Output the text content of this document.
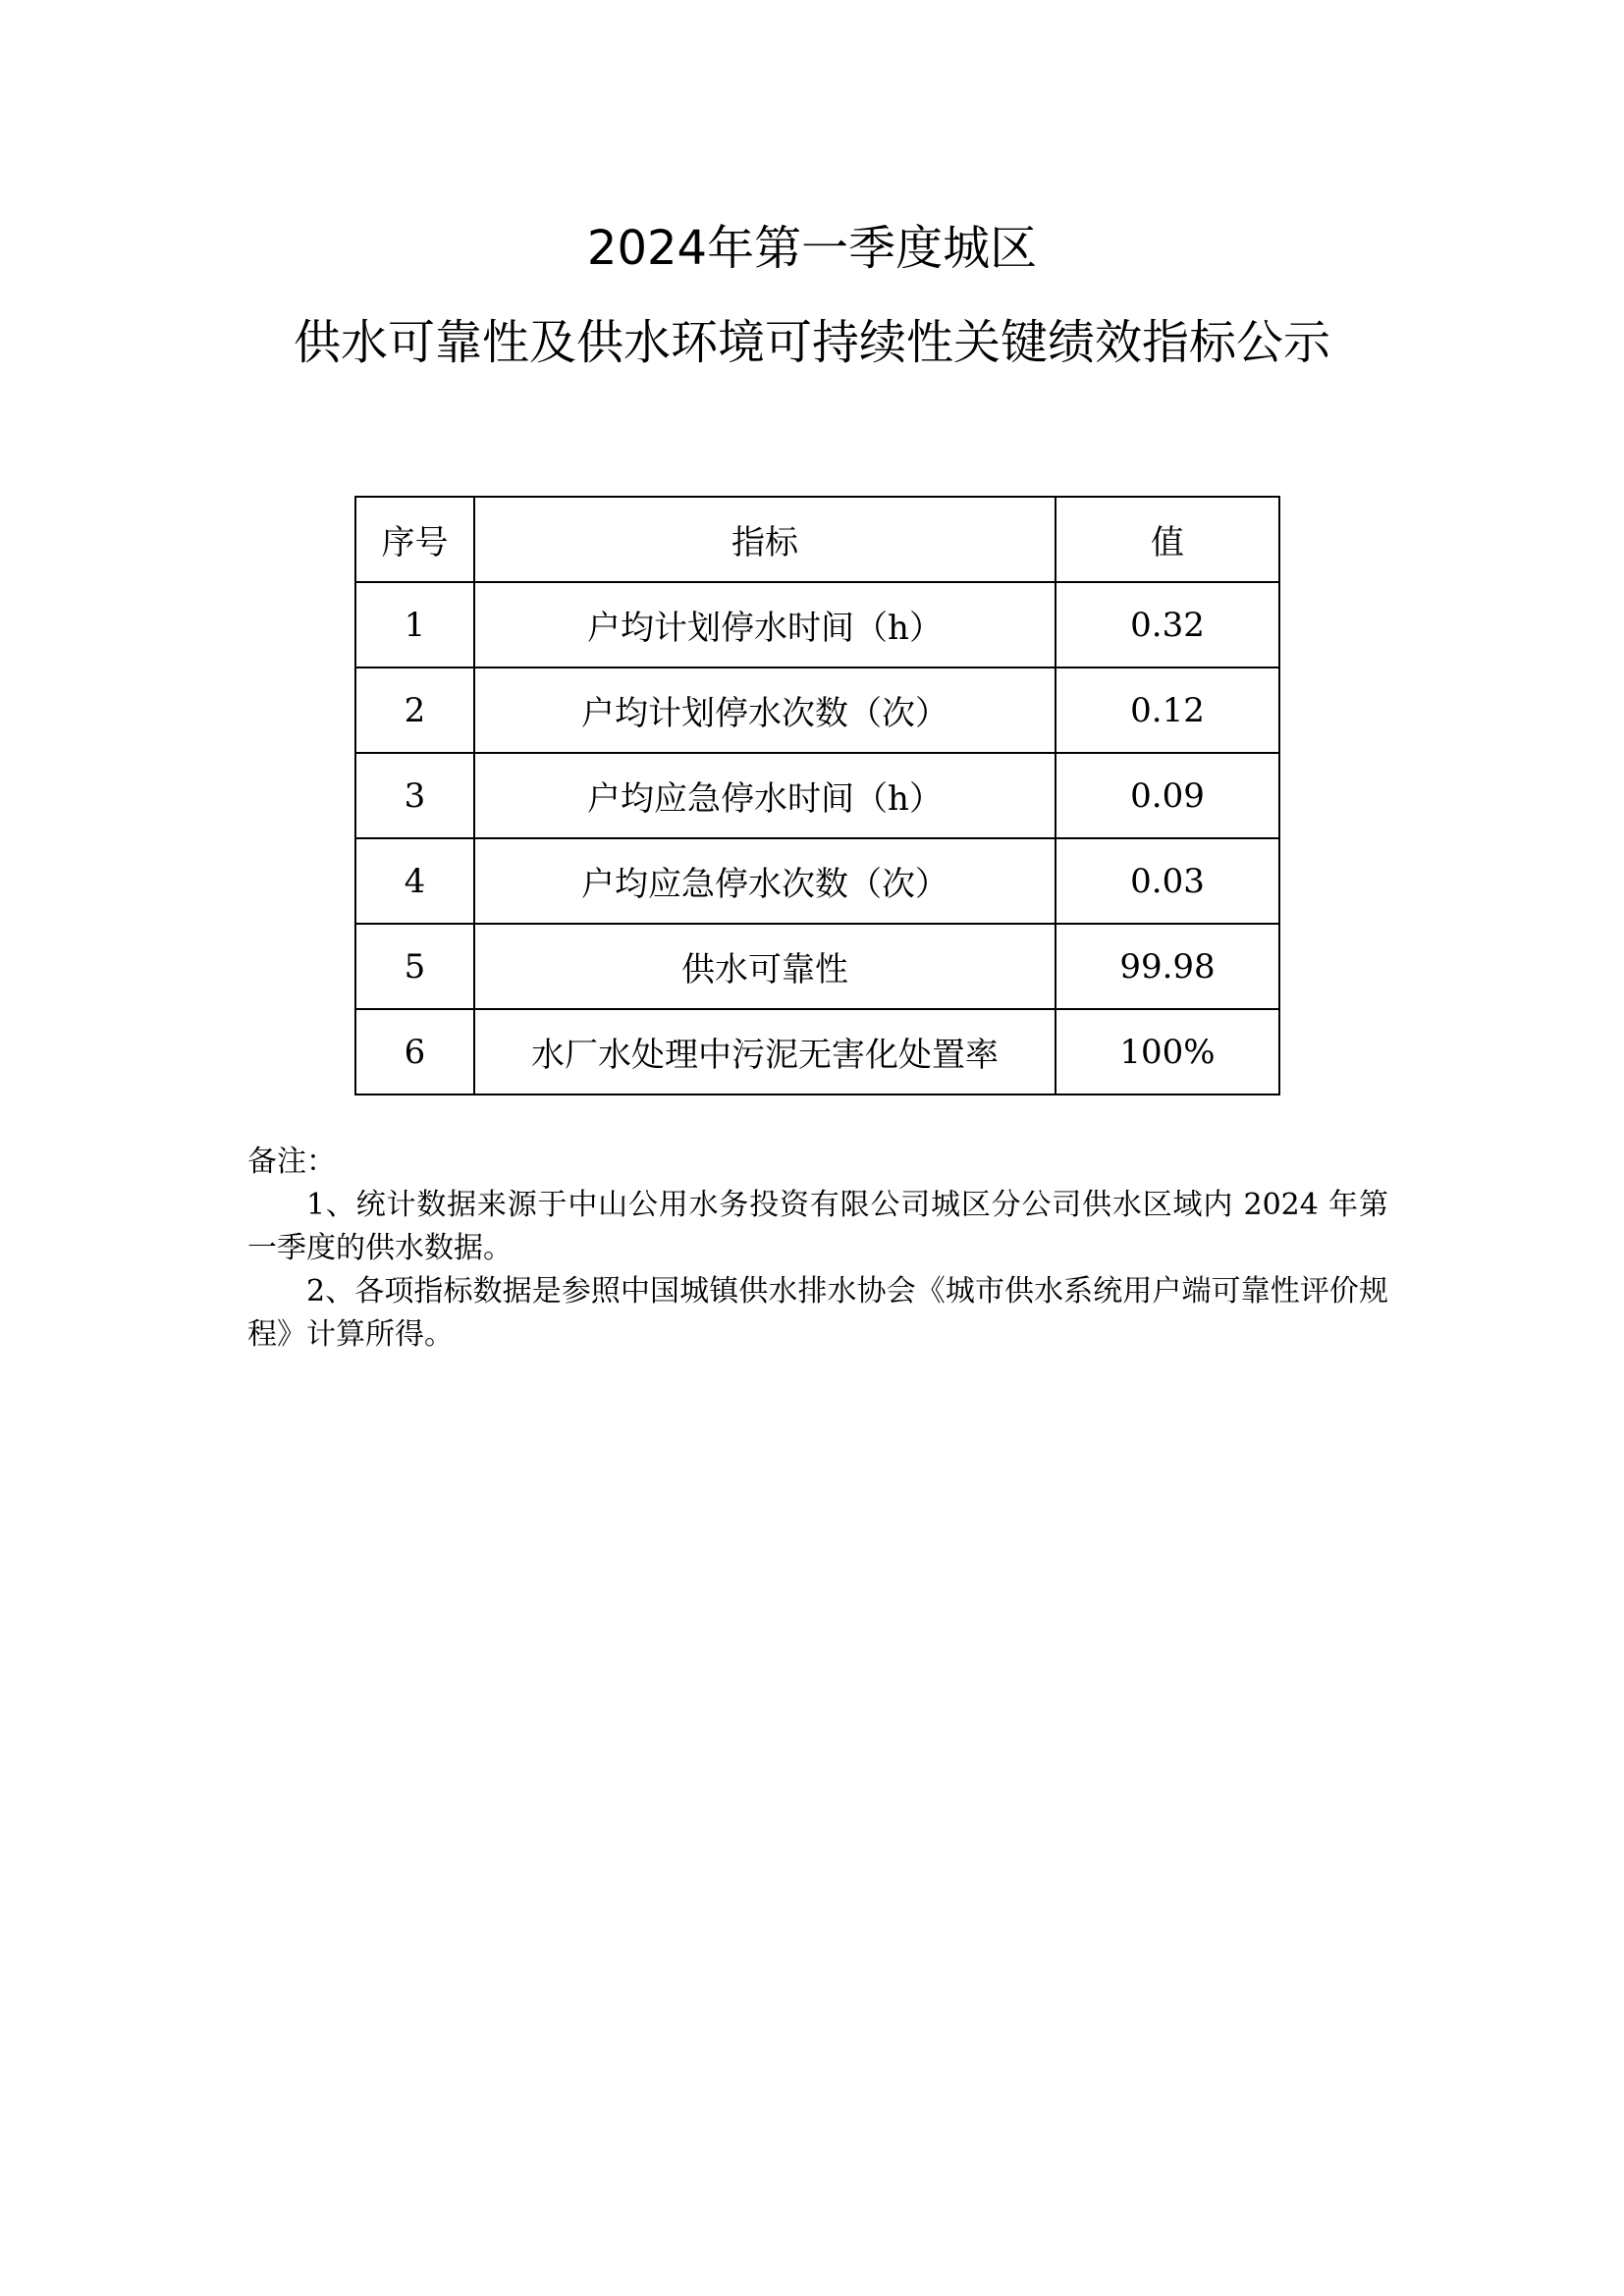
2024年第一季度城区
供水可靠性及供水环境可持续性关键绩效指标公示
序号	指标	值
1	户均计划停水时间（h）	0.32
2	户均计划停水次数（次）	0.12
3	户均应急停水时间（h）	0.09
4	户均应急停水次数（次）	0.03
5	供水可靠性	99.98
6	水厂水处理中污泥无害化处置率	100%

备注：

1、统计数据来源于中山公用水务投资有限公司城区分公司供水区域内 2024 年第一季度的供水数据。

2、各项指标数据是参照中国城镇供水排水协会《城市供水系统用户端可靠性评价规程》计算所得。
